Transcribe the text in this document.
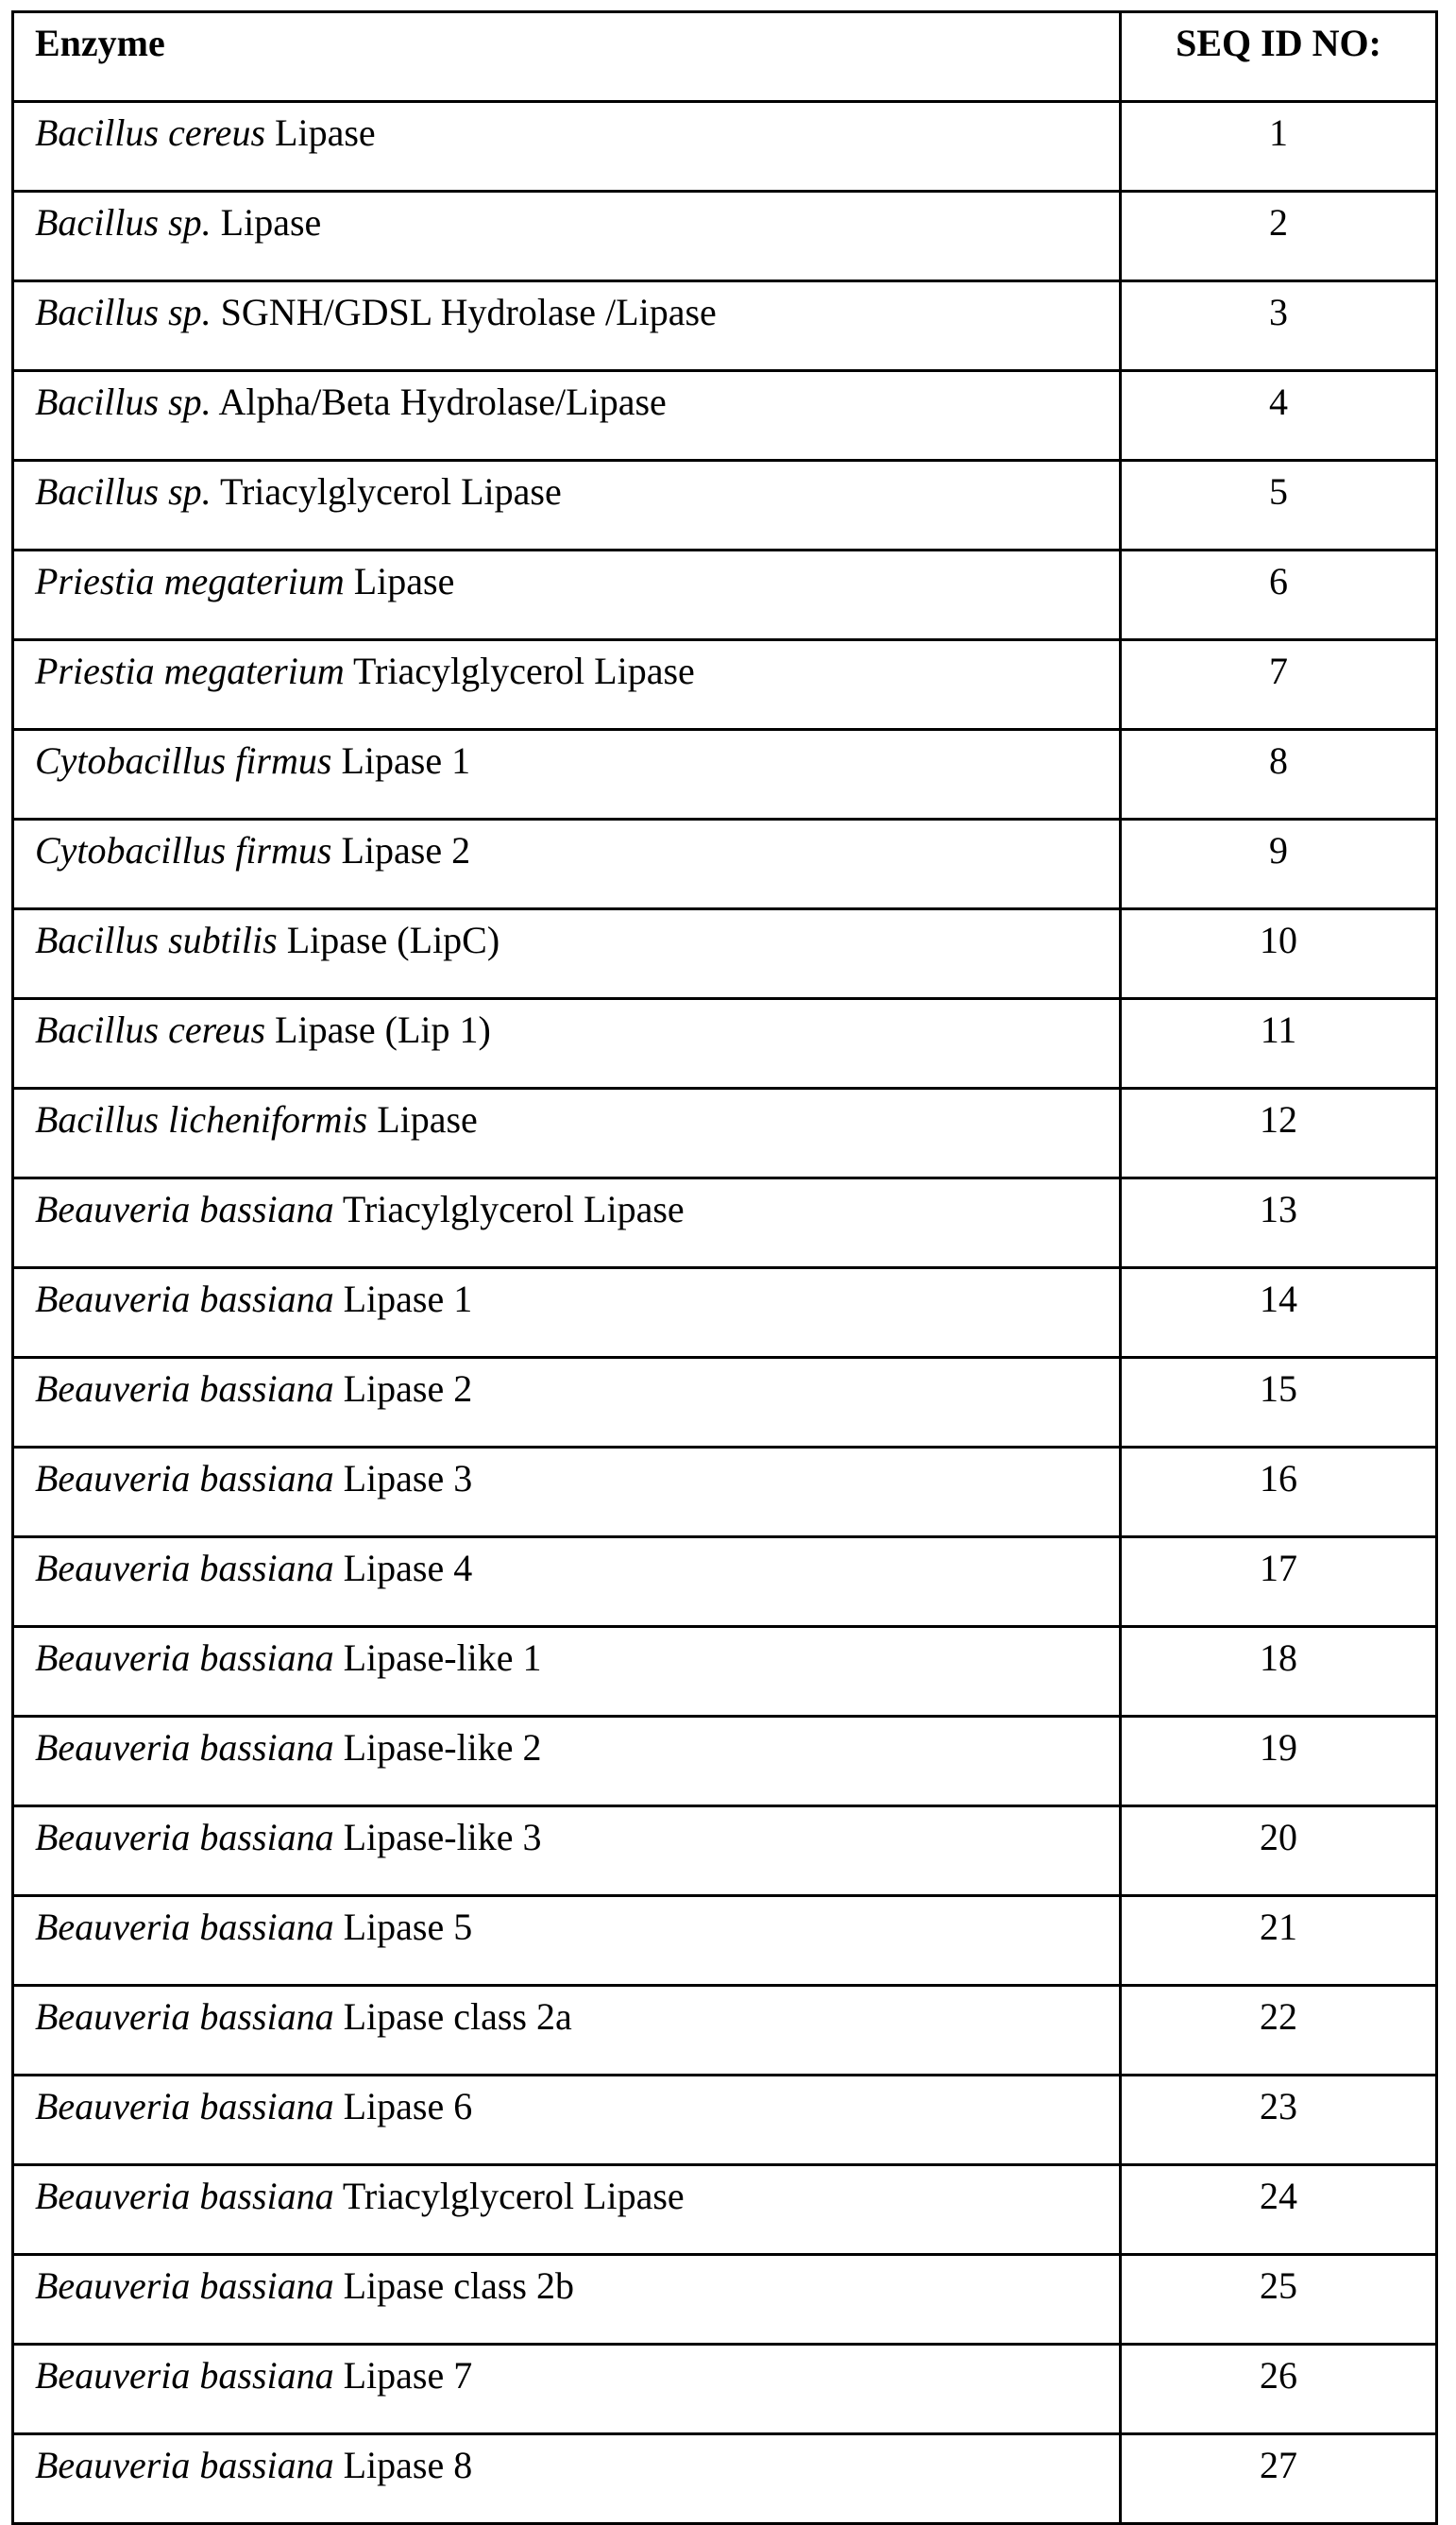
Enzyme	SEQ ID NO:
Bacillus cereus Lipase	1
Bacillus sp. Lipase	2
Bacillus sp. SGNH/GDSL Hydrolase /Lipase	3
Bacillus sp. Alpha/Beta Hydrolase/Lipase	4
Bacillus sp. Triacylglycerol Lipase	5
Priestia megaterium Lipase	6
Priestia megaterium Triacylglycerol Lipase	7
Cytobacillus firmus Lipase 1	8
Cytobacillus firmus Lipase 2	9
Bacillus subtilis Lipase (LipC)	10
Bacillus cereus Lipase (Lip 1)	11
Bacillus licheniformis Lipase	12
Beauveria bassiana Triacylglycerol Lipase	13
Beauveria bassiana Lipase 1	14
Beauveria bassiana Lipase 2	15
Beauveria bassiana Lipase 3	16
Beauveria bassiana Lipase 4	17
Beauveria bassiana Lipase-like 1	18
Beauveria bassiana Lipase-like 2	19
Beauveria bassiana Lipase-like 3	20
Beauveria bassiana Lipase 5	21
Beauveria bassiana Lipase class 2a	22
Beauveria bassiana Lipase 6	23
Beauveria bassiana Triacylglycerol Lipase	24
Beauveria bassiana Lipase class 2b	25
Beauveria bassiana Lipase 7	26
Beauveria bassiana Lipase 8	27
